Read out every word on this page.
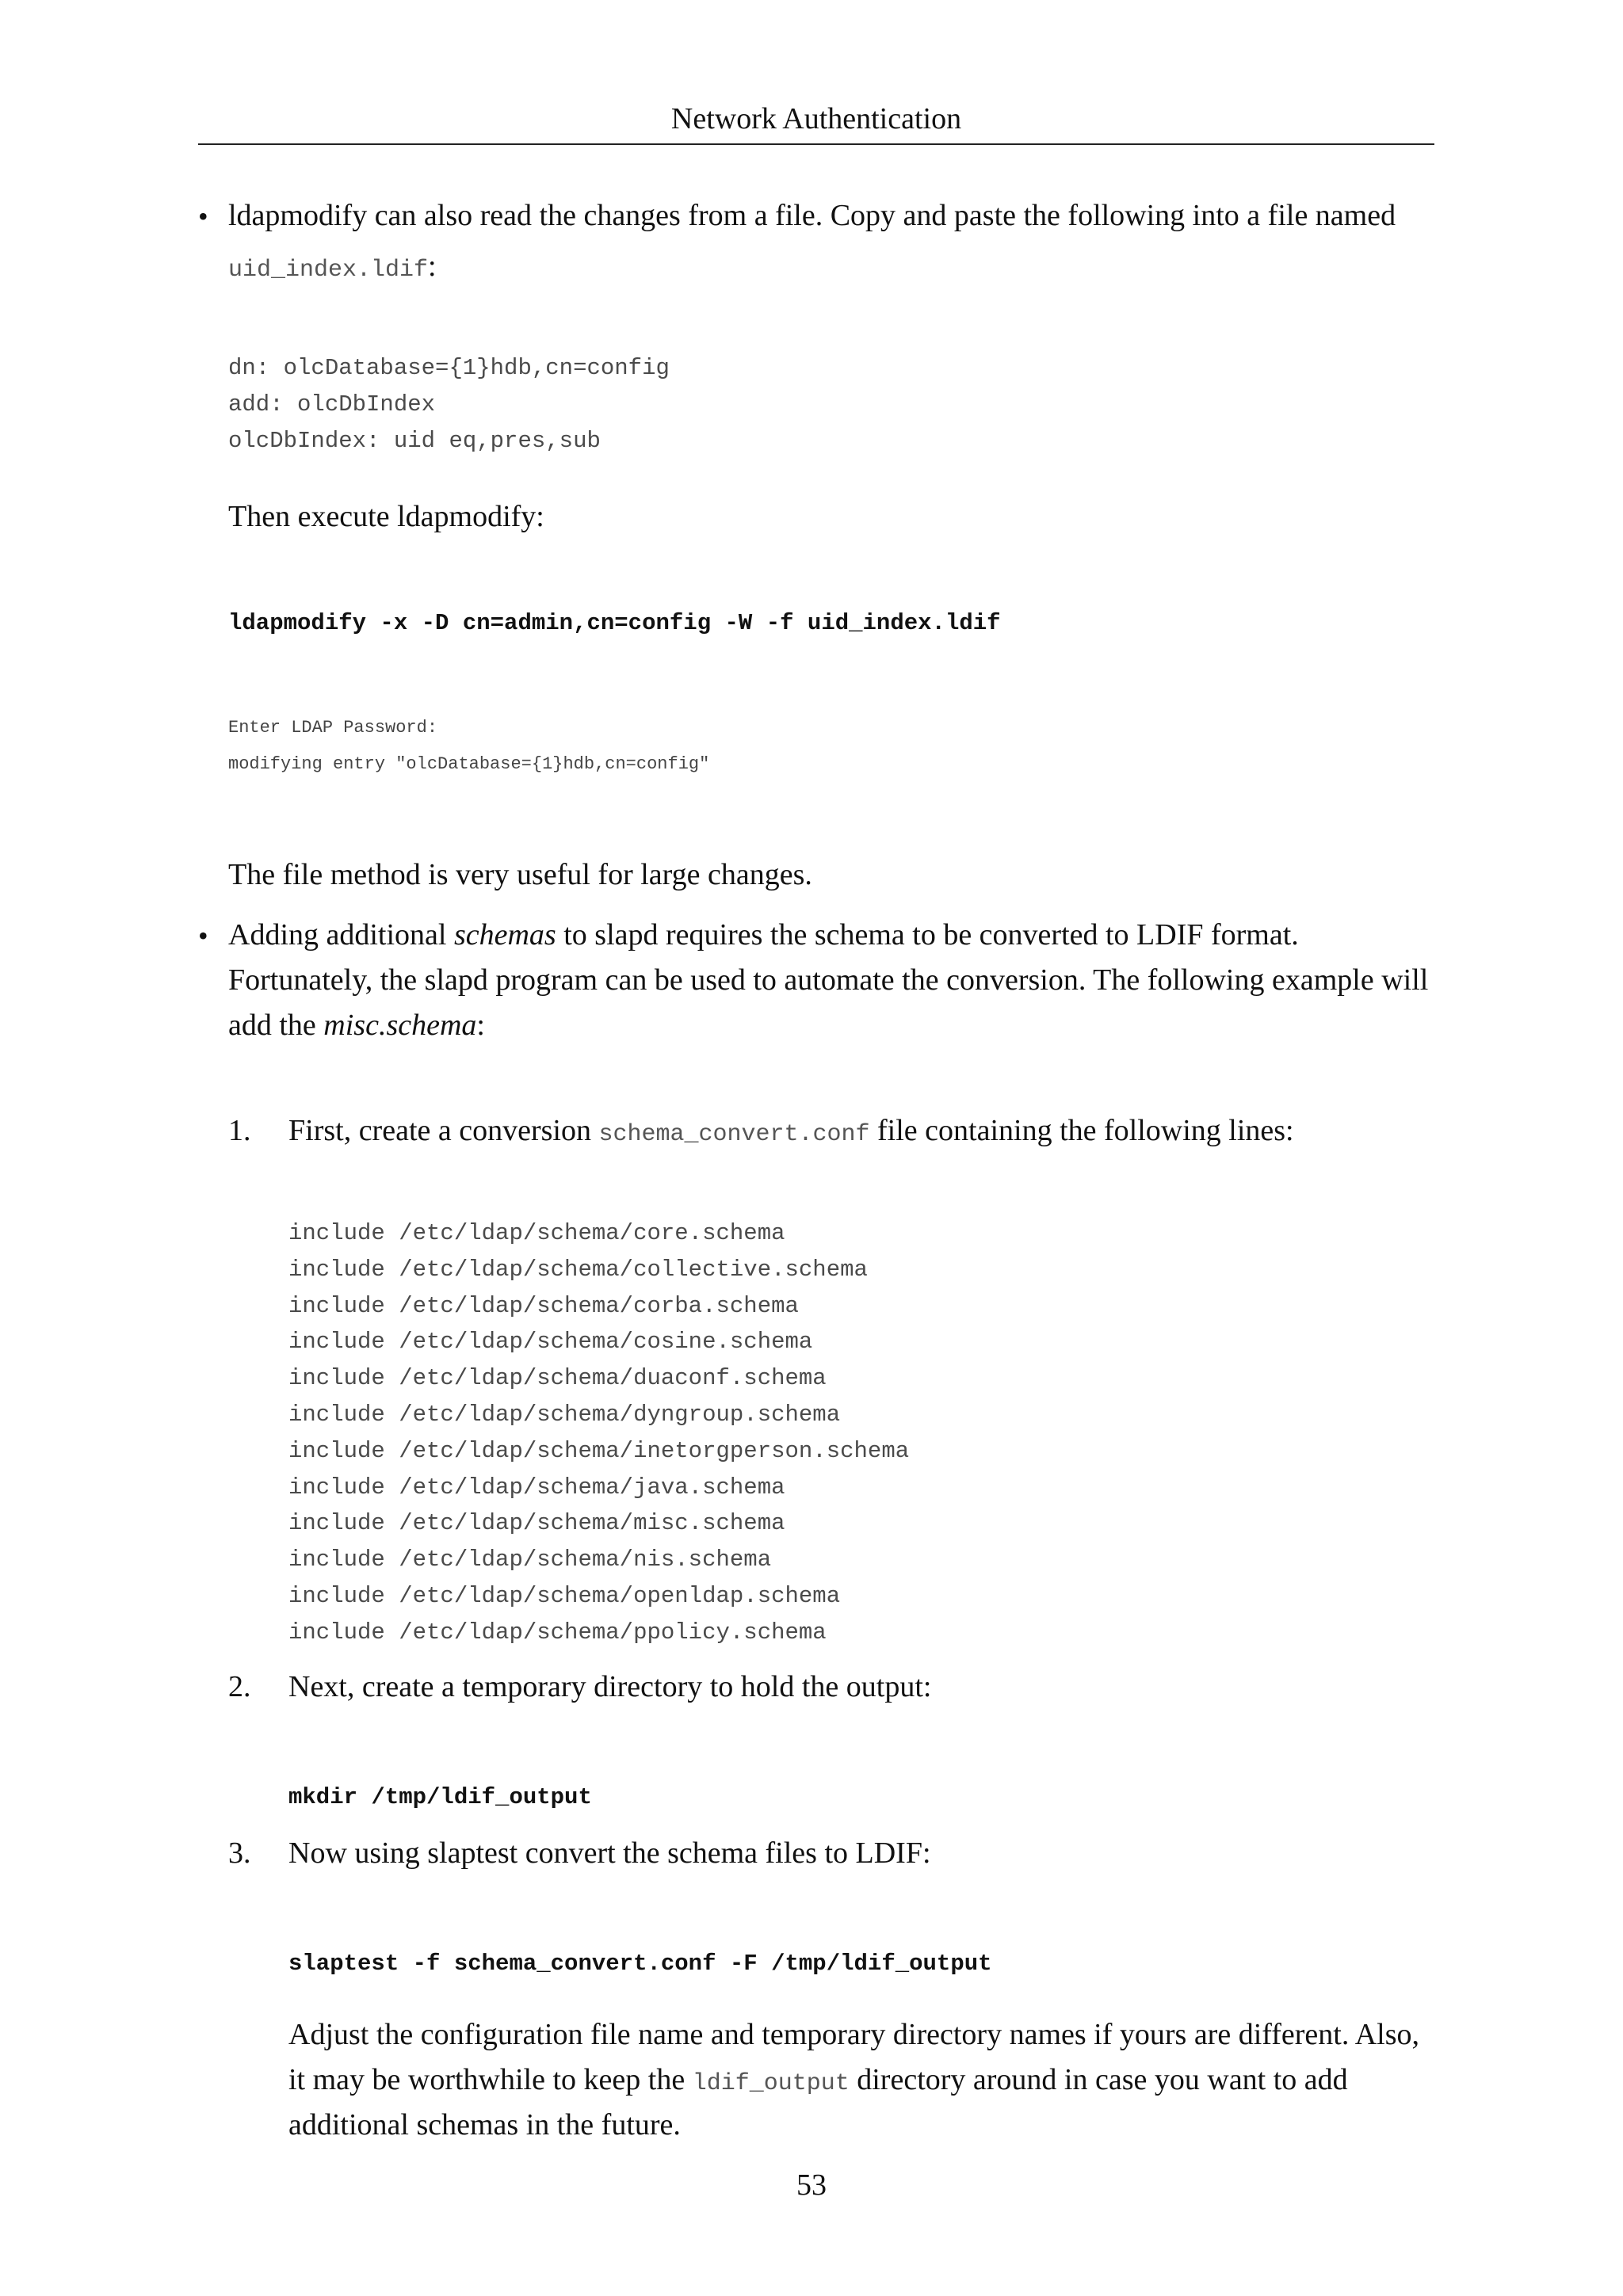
Network Authentication
• ldapmodify can also read the changes from a file. Copy and paste the following into a file named
uid_index.ldif:
dn: olcDatabase={1}hdb,cn=config
add: olcDbIndex
olcDbIndex: uid eq,pres,sub
Then execute ldapmodify:
ldapmodify -x -D cn=admin,cn=config -W -f uid_index.ldif
Enter LDAP Password:
modifying entry "olcDatabase={1}hdb,cn=config"
The file method is very useful for large changes.
• Adding additional schemas to slapd requires the schema to be converted to LDIF format.
Fortunately, the slapd program can be used to automate the conversion. The following example will
add the misc.schema:
1. First, create a conversion schema_convert.conf file containing the following lines:
include /etc/ldap/schema/core.schema
include /etc/ldap/schema/collective.schema
include /etc/ldap/schema/corba.schema
include /etc/ldap/schema/cosine.schema
include /etc/ldap/schema/duaconf.schema
include /etc/ldap/schema/dyngroup.schema
include /etc/ldap/schema/inetorgperson.schema
include /etc/ldap/schema/java.schema
include /etc/ldap/schema/misc.schema
include /etc/ldap/schema/nis.schema
include /etc/ldap/schema/openldap.schema
include /etc/ldap/schema/ppolicy.schema
2. Next, create a temporary directory to hold the output:
mkdir /tmp/ldif_output
3. Now using slaptest convert the schema files to LDIF:
slaptest -f schema_convert.conf -F /tmp/ldif_output
Adjust the configuration file name and temporary directory names if yours are different. Also,
it may be worthwhile to keep the ldif_output directory around in case you want to add
additional schemas in the future.
53
